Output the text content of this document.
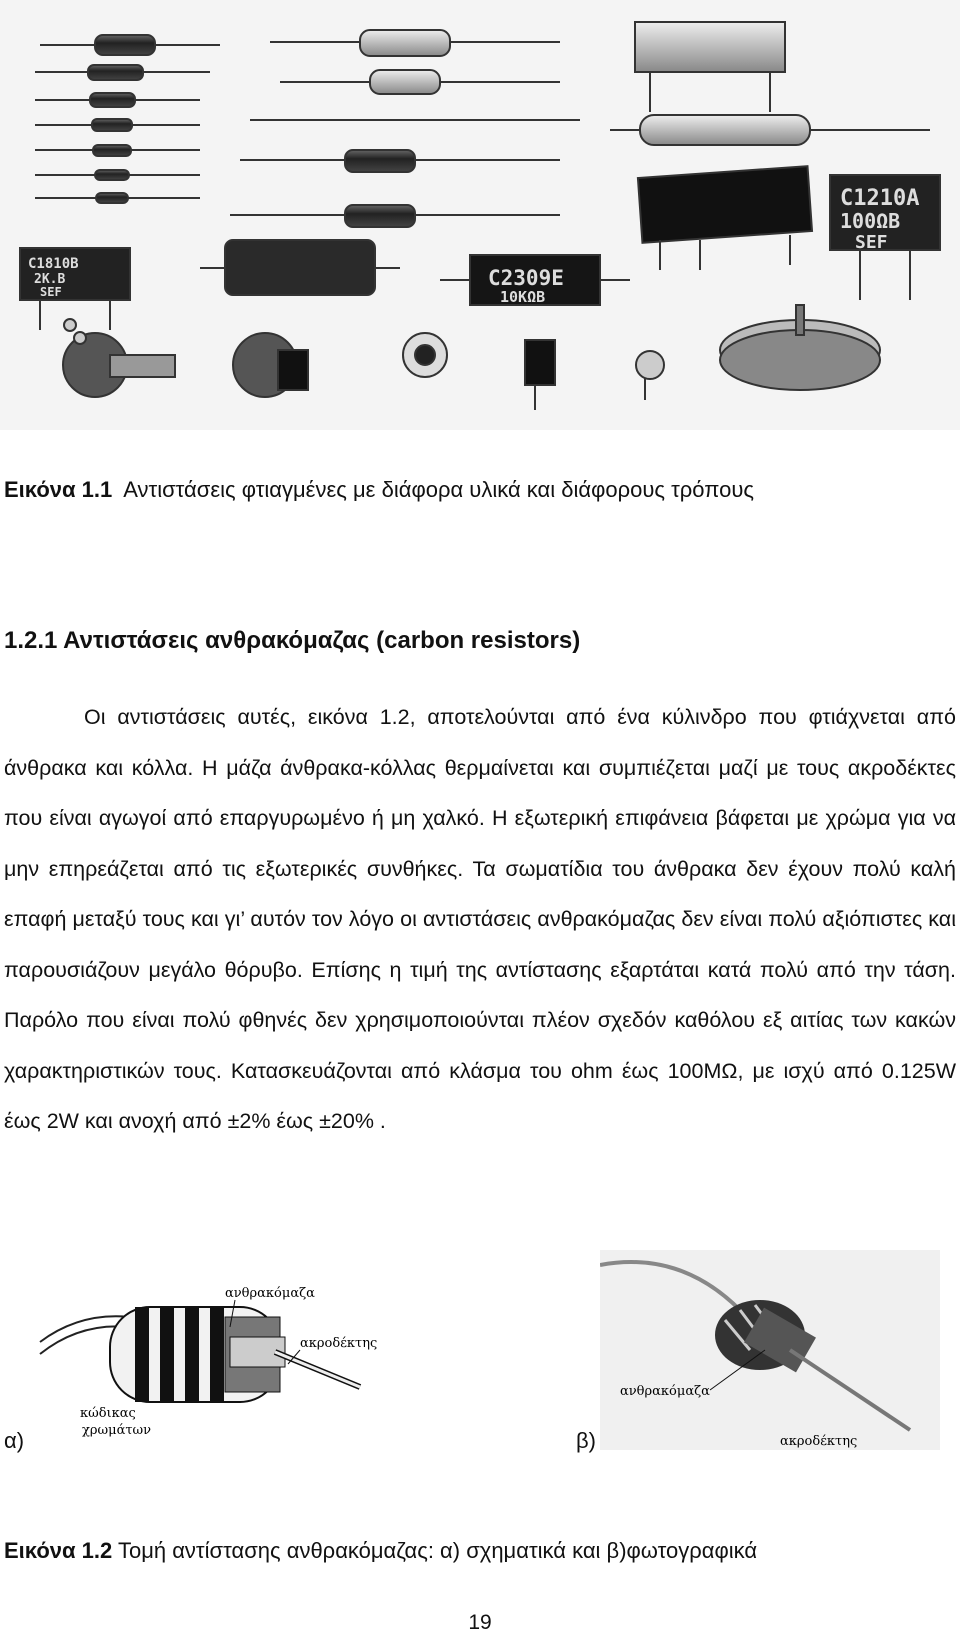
C1210A
100ΩB
SEF
C2309E
10KΩB
C1810B
2K.B
SEF
Εικόνα 1.1 Αντιστάσεις φτιαγμένες με διάφορα υλικά και διάφορους τρόπους
1.2.1 Αντιστάσεις ανθρακόμαζας (carbon resistors)

Οι αντιστάσεις αυτές, εικόνα 1.2, αποτελούνται από ένα κύλινδρο που φτιάχνεται από άνθρακα και κόλλα. Η μάζα άνθρακα-κόλλας θερμαίνεται και συμπιέζεται μαζί με τους ακροδέκτες που είναι αγωγοί από επαργυρωμένο ή μη χαλκό. Η εξωτερική επιφάνεια βάφεται με χρώμα για να μην επηρεάζεται από τις εξωτερικές συνθήκες. Τα σωματίδια του άνθρακα δεν έχουν πολύ καλή επαφή μεταξύ τους και γι’ αυτόν τον λόγο οι αντιστάσεις ανθρακόμαζας δεν είναι πολύ αξιόπιστες και παρουσιάζουν μεγάλο θόρυβο. Επίσης η τιμή της αντίστασης εξαρτάται κατά πολύ από την τάση. Παρόλο που είναι πολύ φθηνές δεν χρησιμοποιούνται πλέον σχεδόν καθόλου εξ αιτίας των κακών χαρακτηριστικών τους. Κατασκευάζονται από κλάσμα του ohm έως 100MΩ, με ισχύ από 0.125W έως 2W και ανοχή από ±2% έως ±20% .

ανθρακόμαζα
ακροδέκτης
κώδικας
χρωμάτων
α)
ανθρακόμαζα
ακροδέκτης
β)
Εικόνα 1.2 Τομή αντίστασης ανθρακόμαζας: α) σχηματικά και β)φωτογραφικά
19
